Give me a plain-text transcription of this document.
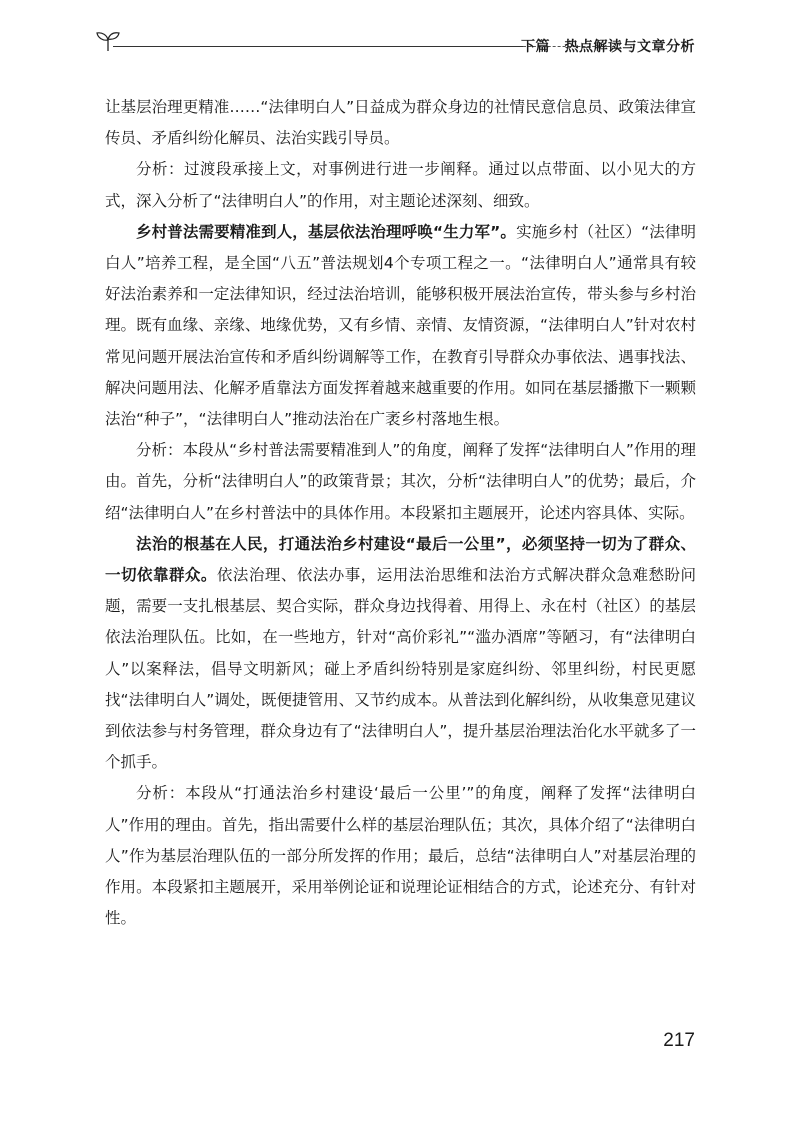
下篇　热点解读与文章分析

让基层治理更精准……“法律明白人”日益成为群众身边的社情民意信息员、政策法律宣传员、矛盾纠纷化解员、法治实践引导员。

分析：过渡段承接上文，对事例进行进一步阐释。通过以点带面、以小见大的方式，深入分析了“法律明白人”的作用，对主题论述深刻、细致。

乡村普法需要精准到人，基层依法治理呼唤“生力军”。实施乡村（社区）“法律明白人”培养工程，是全国“八五”普法规划4个专项工程之一。“法律明白人”通常具有较好法治素养和一定法律知识，经过法治培训，能够积极开展法治宣传，带头参与乡村治理。既有血缘、亲缘、地缘优势，又有乡情、亲情、友情资源，“法律明白人”针对农村常见问题开展法治宣传和矛盾纠纷调解等工作，在教育引导群众办事依法、遇事找法、解决问题用法、化解矛盾靠法方面发挥着越来越重要的作用。如同在基层播撒下一颗颗法治“种子”，“法律明白人”推动法治在广袤乡村落地生根。

分析：本段从“乡村普法需要精准到人”的角度，阐释了发挥“法律明白人”作用的理由。首先，分析“法律明白人”的政策背景；其次，分析“法律明白人”的优势；最后，介绍“法律明白人”在乡村普法中的具体作用。本段紧扣主题展开，论述内容具体、实际。

法治的根基在人民，打通法治乡村建设“最后一公里”，必须坚持一切为了群众、一切依靠群众。依法治理、依法办事，运用法治思维和法治方式解决群众急难愁盼问题，需要一支扎根基层、契合实际，群众身边找得着、用得上、永在村（社区）的基层依法治理队伍。比如，在一些地方，针对“高价彩礼”“滥办酒席”等陋习，有“法律明白人”以案释法，倡导文明新风；碰上矛盾纠纷特别是家庭纠纷、邻里纠纷，村民更愿找“法律明白人”调处，既便捷管用、又节约成本。从普法到化解纠纷，从收集意见建议到依法参与村务管理，群众身边有了“法律明白人”，提升基层治理法治化水平就多了一个抓手。

分析：本段从“打通法治乡村建设‘最后一公里’”的角度，阐释了发挥“法律明白人”作用的理由。首先，指出需要什么样的基层治理队伍；其次，具体介绍了“法律明白人”作为基层治理队伍的一部分所发挥的作用；最后，总结“法律明白人”对基层治理的作用。本段紧扣主题展开，采用举例论证和说理论证相结合的方式，论述充分、有针对性。

217
